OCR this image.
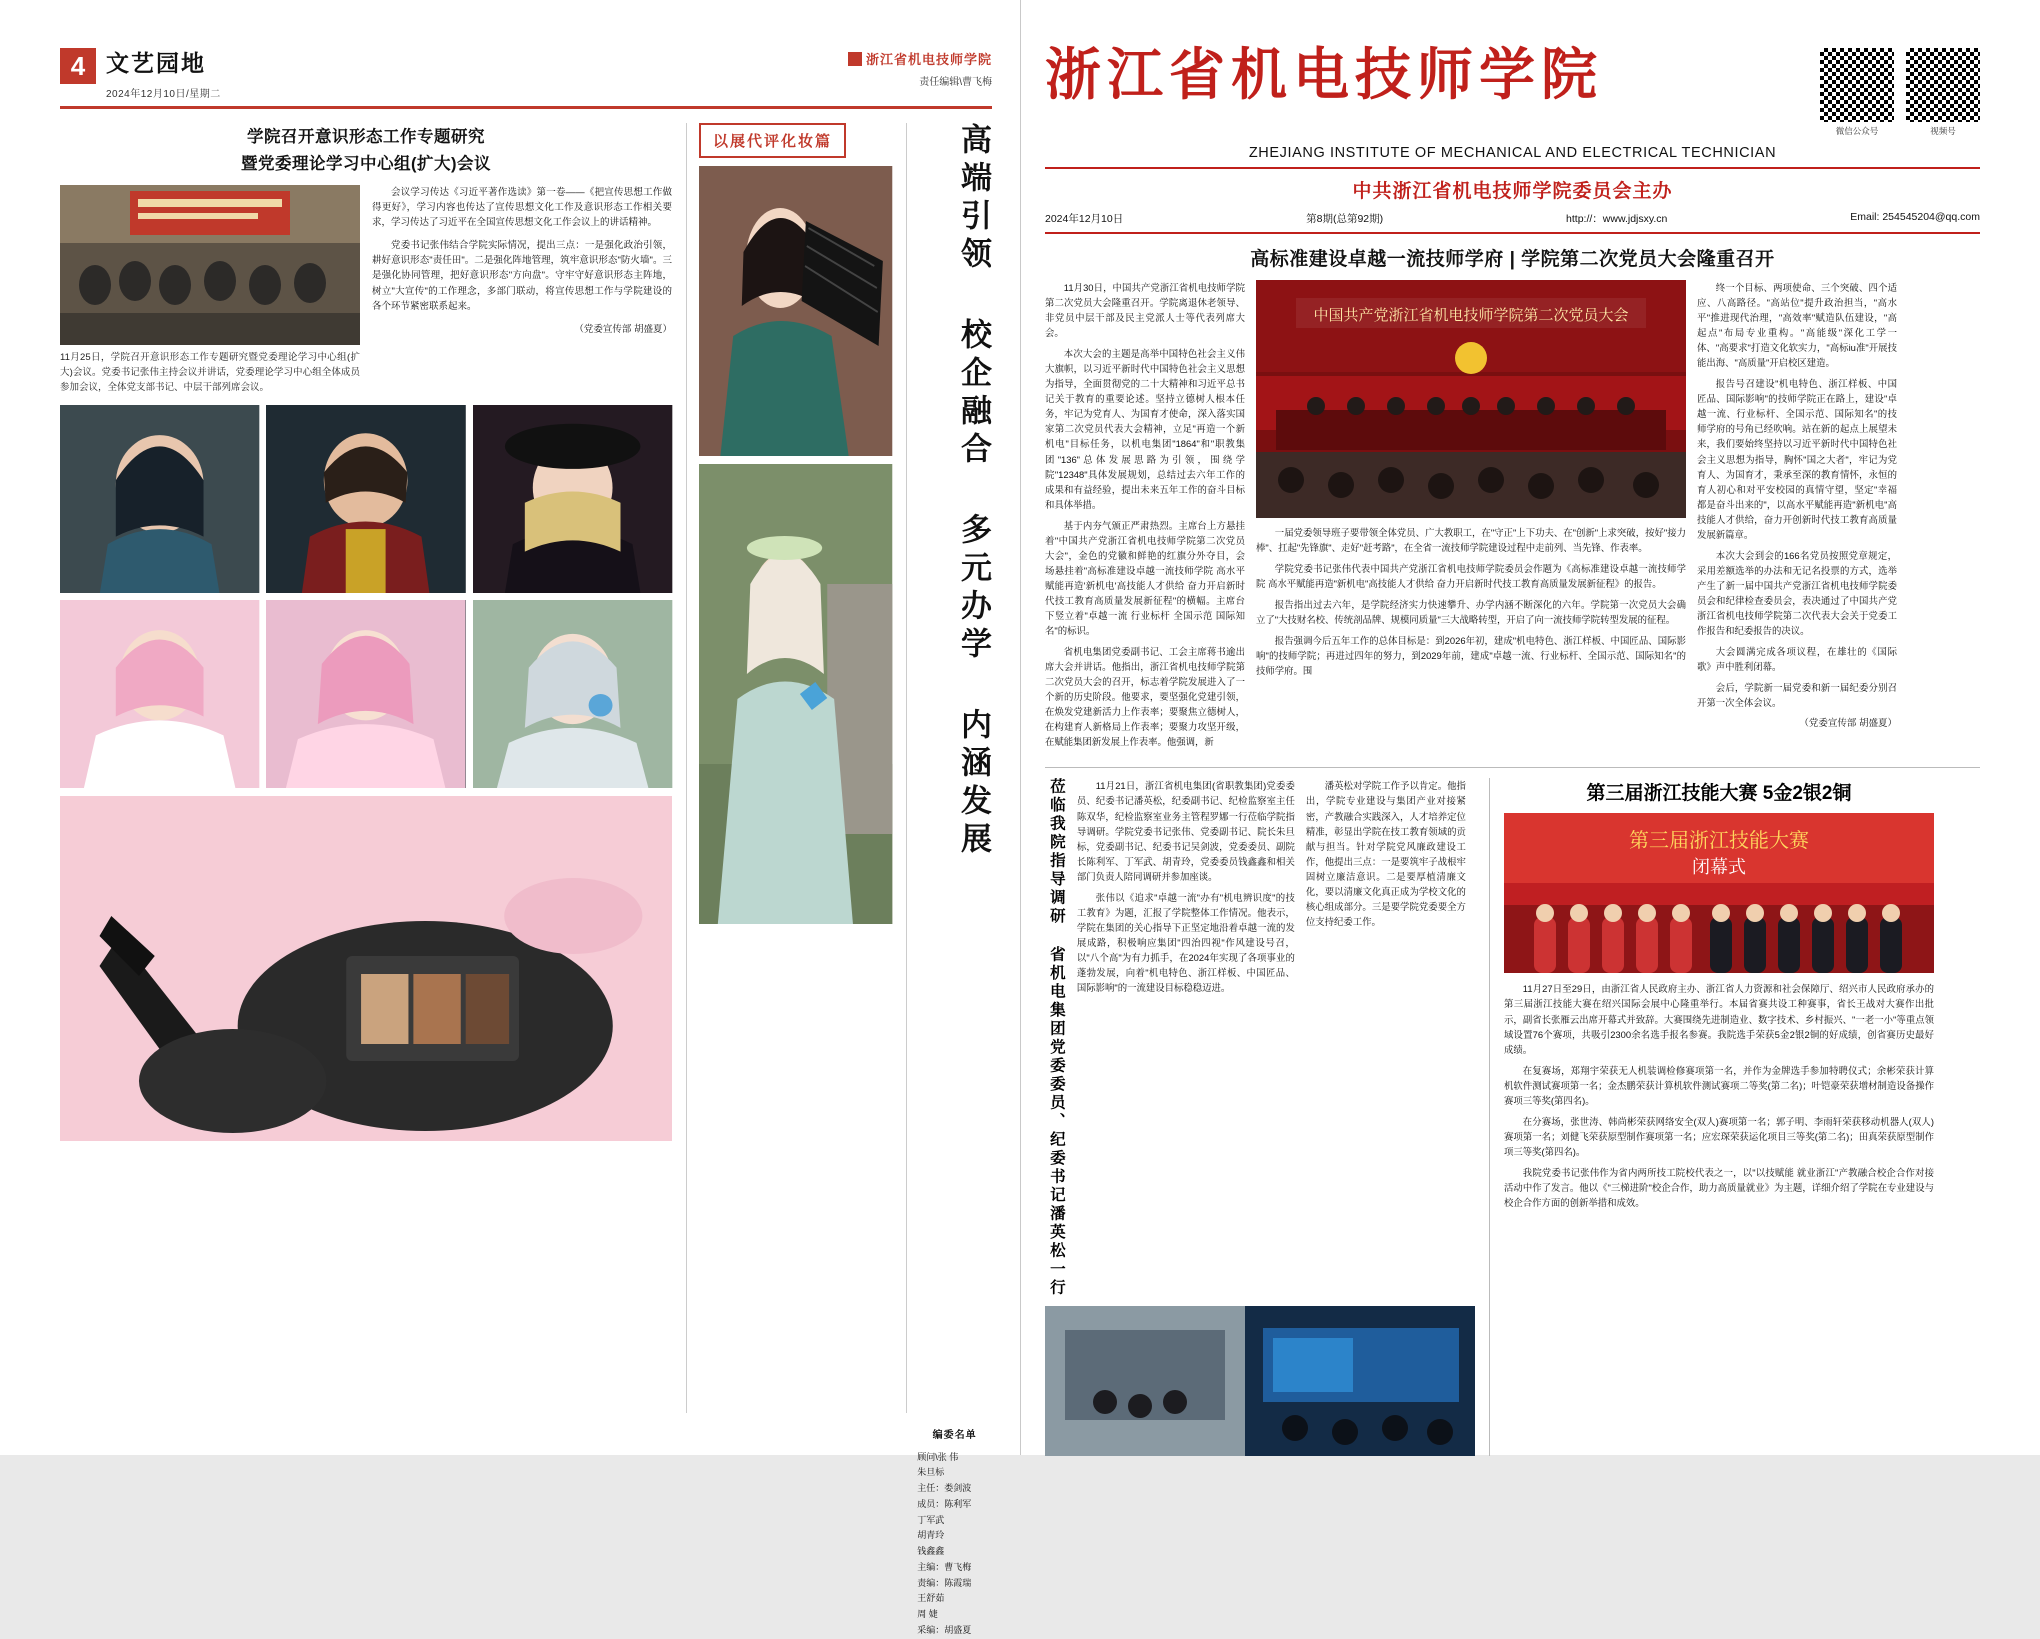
4 文艺园地
2024年12月10日/星期二
浙江省机电技师学院
责任编辑\曹飞梅
学院召开意识形态工作专题研究
暨党委理论学习中心组(扩大)会议
11月25日，学院召开意识形态工作专题研究暨党委理论学习中心组(扩大)会议。党委书记张伟主持会议并讲话，党委理论学习中心组全体成员参加会议，全体党支部书记、中层干部列席会议。

会议学习传达《习近平著作选读》第一卷——《把宣传思想工作做得更好》，学习内容也传达了宣传思想文化工作及意识形态工作相关要求，学习传达了习近平在全国宣传思想文化工作会议上的讲话精神。

党委书记张伟结合学院实际情况，提出三点：一是强化政治引领，耕好意识形态"责任田"。二是强化阵地管理，筑牢意识形态"防火墙"。三是强化协同管理，把好意识形态"方向盘"。守牢守好意识形态主阵地，树立"大宣传"的工作理念，多部门联动，将宣传思想工作与学院建设的各个环节紧密联系起来。

（党委宣传部 胡盛夏）
以展代评化妆篇	高端引领 校企融合 多元办学 内涵发展
编委名单
顾问\张 伟
朱旦标
主任：娄剑波
成员：陈利军
丁军武
胡青玲
钱鑫鑫
主编：曹飞梅
责编：陈霞瑞
王舒茹
周 婕
采编：胡盛夏
浙江省机电技师学院
微信公众号	视频号
ZHEJIANG INSTITUTE OF MECHANICAL AND ELECTRICAL TECHNICIAN
中共浙江省机电技师学院委员会主办
2024年12月10日	第8期(总第92期)	http://：www.jdjsxy.cn	Email: 254545204@qq.com
高标准建设卓越一流技师学府 | 学院第二次党员大会隆重召开

11月30日，中国共产党浙江省机电技师学院第二次党员大会隆重召开。学院离退休老领导、非党员中层干部及民主党派人士等代表列席大会。

本次大会的主题是高举中国特色社会主义伟大旗帜，以习近平新时代中国特色社会主义思想为指导，全面贯彻党的二十大精神和习近平总书记关于教育的重要论述。坚持立德树人根本任务，牢记为党育人、为国育才使命，深入落实国家第二次党员代表大会精神，立足"再造一个新机电"目标任务，以机电集团"1864"和"职教集团"136"总体发展思路为引领，围绕学院"12348"具体发展规划，总结过去六年工作的成果和有益经验，提出未来五年工作的奋斗目标和具体举措。

基于内夯气颁正严肃热烈。主席台上方悬挂着"中国共产党浙江省机电技师学院第二次党员大会"，金色的党徽和鲜艳的红旗分外夺目，会场悬挂着"高标准建设卓越一流技师学院 高水平赋能再造'新机电'高技能人才供给 奋力开启新时代技工教育高质量发展新征程"的横幅。主席台下竖立着"卓越一流 行业标杆 全国示范 国际知名"的标识。

省机电集团党委副书记、工会主席蒋书逾出席大会并讲话。他指出，浙江省机电技师学院第二次党员大会的召开，标志着学院发展进入了一个新的历史阶段。他要求，要坚强化党建引领，在焕发党建新活力上作表率；要聚焦立德树人，在构建育人新格局上作表率；要聚力攻坚开级，在赋能集团新发展上作表率。他强调，新

中国共产党浙江省机电技师学院第二次党员大会

一届党委领导班子要带领全体党员、广大教职工，在"守正"上下功夫、在"创新"上求突破，按好"接力棒"、扛起"先锋旗"、走好"赶考路"，在全省一流技师学院建设过程中走前列、当先锋、作表率。

学院党委书记张伟代表中国共产党浙江省机电技师学院委员会作题为《高标准建设卓越一流技师学院 高水平赋能再造"新机电"高技能人才供给 奋力开启新时代技工教育高质量发展新征程》的报告。

报告指出过去六年，是学院经济实力快速攀升、办学内涵不断深化的六年。学院第一次党员大会确立了"大技财名校、传统剖品牌、规模同质量"三大战略转型，开启了向一流技师学院转型发展的征程。

报告强调今后五年工作的总体目标是：到2026年初，建成"机电特色、浙江样板、中国匠品、国际影响"的技师学院；再进过四年的努力，到2029年前，建成"卓越一流、行业标杆、全国示范、国际知名"的技师学府。围

终一个目标、两项使命、三个突破、四个适应、八高路径。"高站位"提升政治担当，"高水平"推进现代治理，"高效率"赋造队伍建设，"高起点"布局专业重构。"高能级"深化工学一体、"高要求"打造文化软实力，"高标iu准"开展技能出海、"高质量"开启校区建造。

报告号召建设"机电特色、浙江样板、中国匠品、国际影响"的技师学院正在路上，建设"卓越一流、行业标杆、全国示范、国际知名"的技师学府的号角已经吹响。站在新的起点上展望未来，我们要始终坚持以习近平新时代中国特色社会主义思想为指导，胸怀"国之大者"，牢记为党育人、为国育才，秉承至深的教育情怀，永恒的育人初心和对平安校园的真情守望，坚定"幸福都是奋斗出来的"，以高水平赋能再造"新机电"高技能人才供给，奋力开创新时代技工教育高质量发展新篇章。

本次大会到会的166名党员按照党章规定，采用差额选举的办法和无记名投票的方式，选举产生了新一届中国共产党浙江省机电技师学院委员会和纪律检查委员会，表决通过了中国共产党浙江省机电技师学院第二次代表大会关于党委工作报告和纪委报告的决议。

大会圆满完成各项议程，在雄壮的《国际歌》声中胜利闭幕。

会后，学院新一届党委和新一届纪委分别召开第一次全体会议。

（党委宣传部 胡盛夏）
莅临我院指导调研 省机电集团党委委员、纪委书记潘英松一行	11月21日，浙江省机电集团(省职教集团)党委委员、纪委书记潘英松，纪委副书记、纪检监察室主任陈双华，纪检监察室业务主管程罗娜一行莅临学院指导调研。学院党委书记张伟、党委副书记、院长朱旦标，党委副书记、纪委书记吴剑波，党委委员、副院长陈利军、丁军武、胡青玲，党委委员钱鑫鑫和相关部门负责人陪同调研并参加座谈。

张伟以《追求"卓越一流"办有"机电辨识度"的技工教育》为题，汇报了学院整体工作情况。他表示，学院在集团的关心指导下正坚定地沿着卓越一流的发展成路，积极响应集团"四治四视"作风建设号召，以"八个高"为有力抓手，在2024年实现了各项事业的蓬勃发展，向着"机电特色、浙江样板、中国匠品、国际影响"的一流建设目标稳稳迈进。

潘英松对学院工作予以肯定。他指出，学院专业建设与集团产业对接紧密，产教融合实践深入，人才培养定位精准，彰显出学院在技工教育领域的贡献与担当。针对学院党风廉政建设工作，他提出三点：一是要筑牢子战根牢固树立廉洁意识。二是要厚植清廉文化，要以清廉文化真正成为学校文化的核心组成部分。三是要学院党委要全方位支持纪委工作。

第三届浙江技能大赛 5金2银2铜
第三届浙江技能大赛
闭幕式

11月27日至29日，由浙江省人民政府主办、浙江省人力资源和社会保障厅、绍兴市人民政府承办的第三届浙江技能大赛在绍兴国际会展中心隆重举行。本届省赛共设工种赛事，省长王战对大赛作出批示，副省长张雁云出席开幕式并致辞。大赛围绕先进制造业、数字技术、乡村振兴、"一老一小"等重点领域设置76个赛项，共吸引2300余名选手报名参赛。我院选手荣获5金2银2铜的好成绩，创省赛历史最好成绩。

在复赛场，郑翔宇荣获无人机装调检修赛项第一名，并作为金牌选手参加特聘仪式；余彬荣获计算机软件测试赛项第一名；金杰鹏荣获计算机软件测试赛项二等奖(第二名)；叶铠豪荣获增材制造设备操作赛项三等奖(第四名)。

在分赛场，张世涛、韩尚彬荣获网络安全(双人)赛项第一名；郭子明、李雨轩荣获移动机器人(双人)赛项第一名；刘健飞荣获原型制作赛项第一名；应宏琛荣获运化项目三等奖(第二名)；田真荣获原型制作项三等奖(第四名)。

我院党委书记张伟作为省内两所技工院校代表之一，以"以技赋能 就业浙江"产教融合校企合作对接活动中作了发言。他以《"三梯进阶"校企合作，助力高质量就业》为主题，详细介绍了学院在专业建设与校企合作方面的创新举措和成效。
